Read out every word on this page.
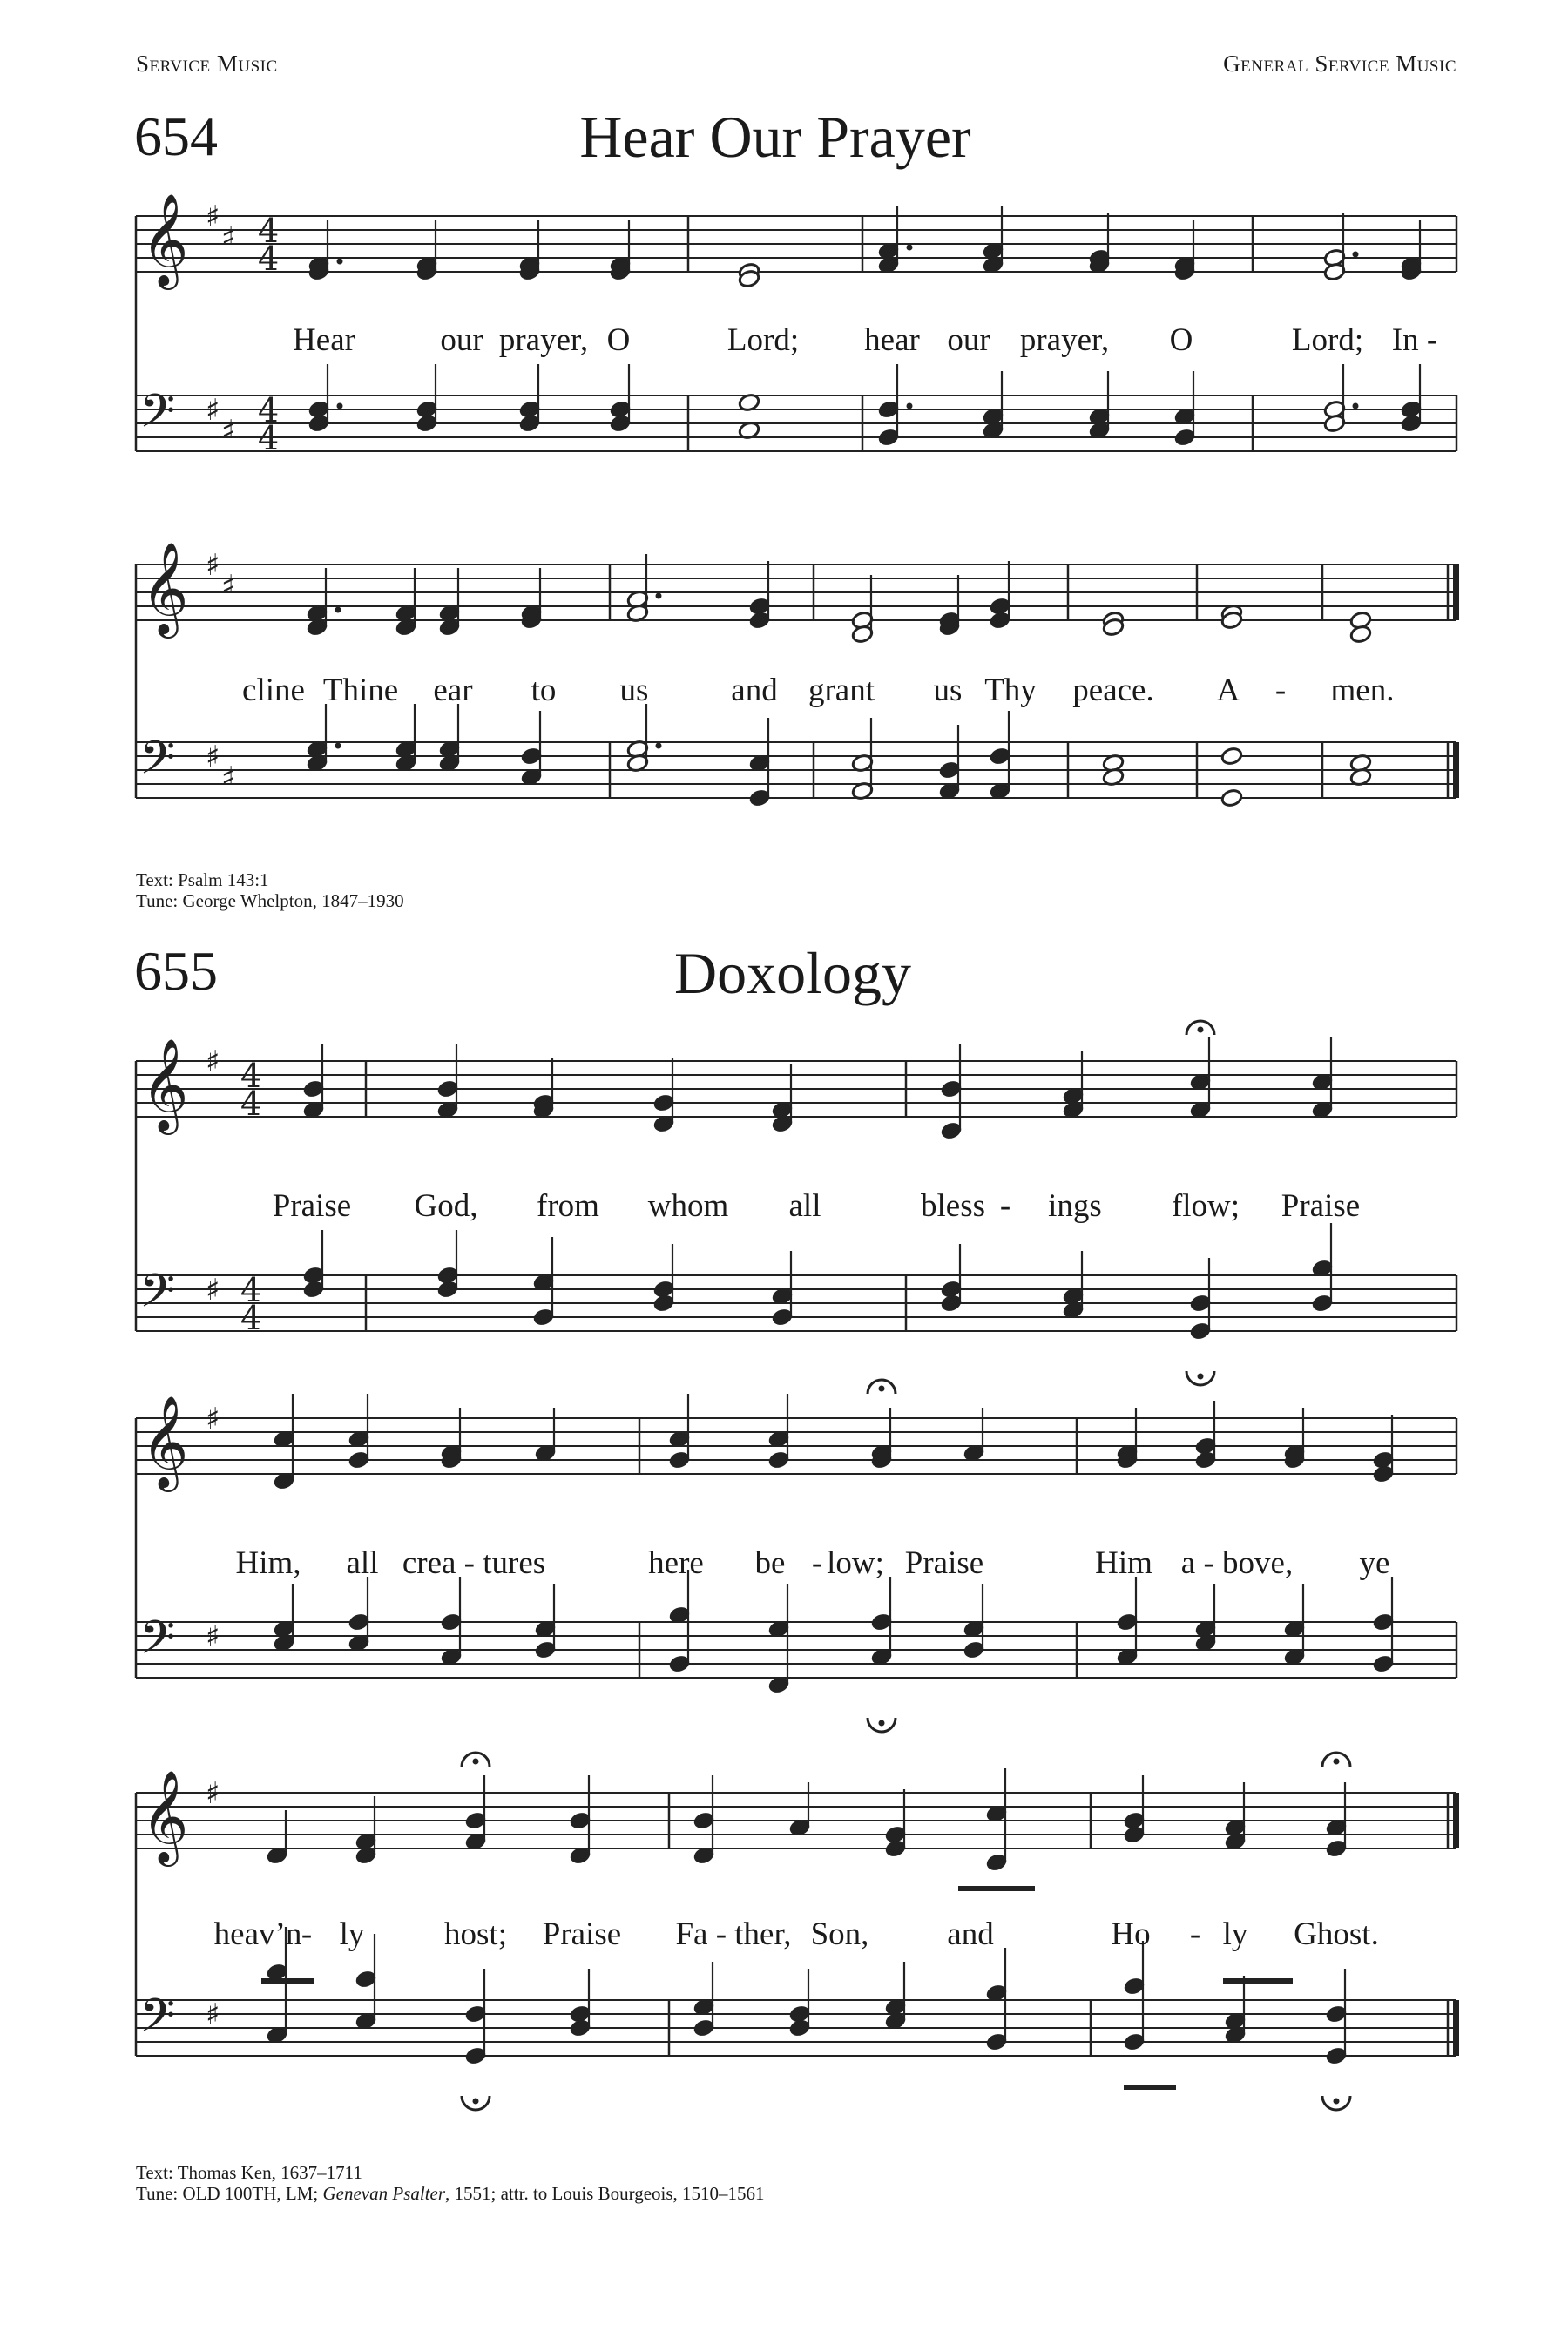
Service Music	General Service Music
654	Hear Our Prayer
Text: Psalm 143:1
Tune: George Whelpton, 1847–1930
655	Doxology
Text: Thomas Ken, 1637–1711
Tune: OLD 100TH, LM; Genevan Psalter, 1551; attr. to Louis Bourgeois, 1510–1561
𝄞
𝄢
♯
♯
♯
♯
4
4
4
4
Hear	our prayer, O	Lord; hear our prayer, O	Lord; In -
𝄞
𝄢
♯
♯
♯
♯
cline Thine ear to us	and grant us Thy peace. A - men.
𝄞
𝄢
♯
♯
4
4
4
4
Praise God, from whom all	bless - ings flow; Praise
𝄞 ♯
𝄢 ♯
Him, all crea - tures	here be - low; Praise	Him a - bove, ye
𝄞 ♯
𝄢 ♯
heav’n - ly host; Praise Fa - ther, Son, and	Ho - ly Ghost.
